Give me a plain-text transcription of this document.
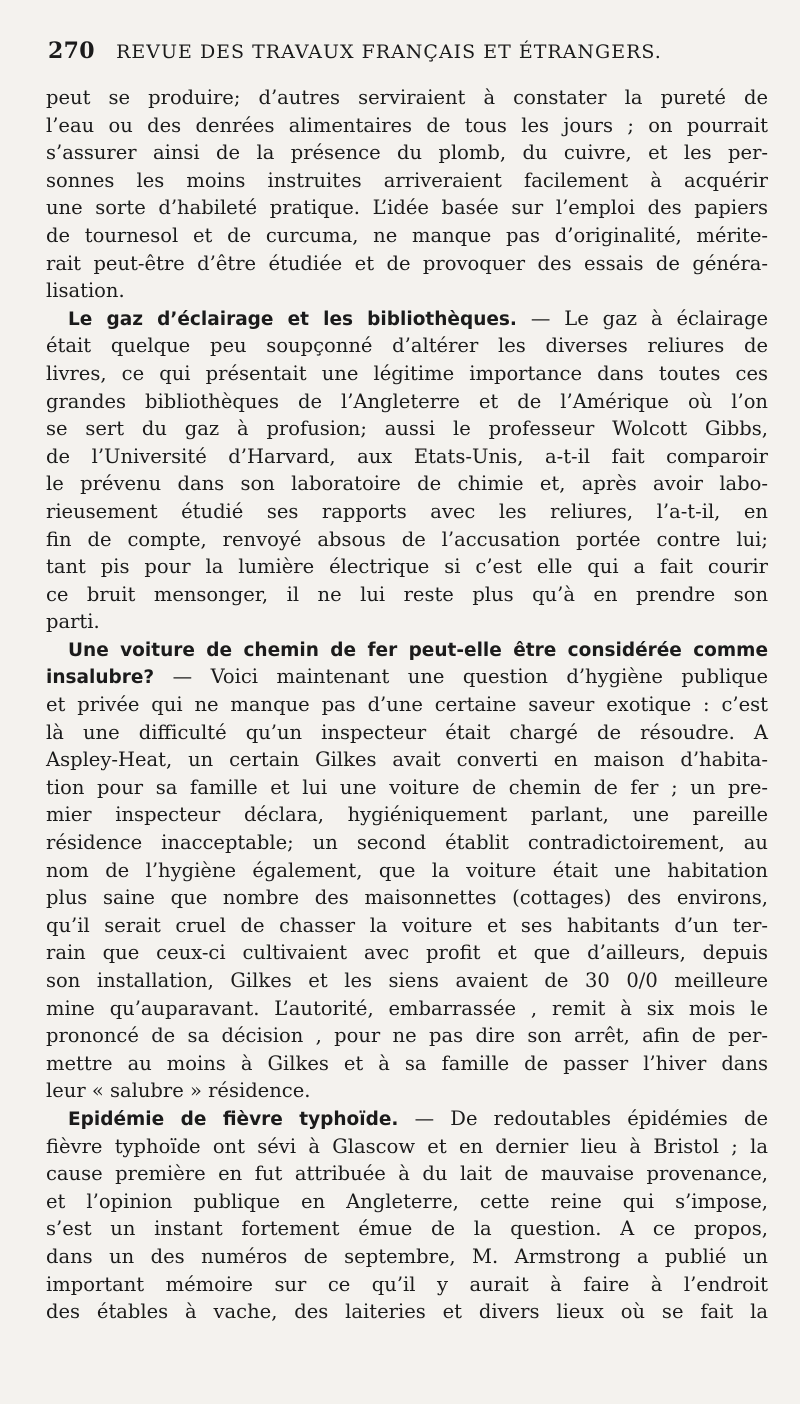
270 REVUE DES TRAVAUX FRANÇAIS ET ÉTRANGERS.
peut se produire; d’autres serviraient à constater la pureté de
l’eau ou des denrées alimentaires de tous les jours ; on pourrait
s’assurer ainsi de la présence du plomb, du cuivre, et les per-
sonnes les moins instruites arriveraient facilement à acquérir
une sorte d’habileté pratique. L’idée basée sur l’emploi des papiers
de tournesol et de curcuma, ne manque pas d’originalité, mérite-
rait peut-être d’être étudiée et de provoquer des essais de généra-
lisation.
Le gaz d’éclairage et les bibliothèques. — Le gaz à éclairage
était quelque peu soupçonné d’altérer les diverses reliures de
livres, ce qui présentait une légitime importance dans toutes ces
grandes bibliothèques de l’Angleterre et de l’Amérique où l’on
se sert du gaz à profusion; aussi le professeur Wolcott Gibbs,
de l’Université d’Harvard, aux Etats-Unis, a-t-il fait comparoir
le prévenu dans son laboratoire de chimie et, après avoir labo-
rieusement étudié ses rapports avec les reliures, l’a-t-il, en
fin de compte, renvoyé absous de l’accusation portée contre lui;
tant pis pour la lumière électrique si c’est elle qui a fait courir
ce bruit mensonger, il ne lui reste plus qu’à en prendre son
parti.
Une voiture de chemin de fer peut-elle être considérée comme
insalubre? — Voici maintenant une question d’hygiène publique
et privée qui ne manque pas d’une certaine saveur exotique : c’est
là une difficulté qu’un inspecteur était chargé de résoudre. A
Aspley-Heat, un certain Gilkes avait converti en maison d’habita-
tion pour sa famille et lui une voiture de chemin de fer ; un pre-
mier inspecteur déclara, hygiéniquement parlant, une pareille
résidence inacceptable; un second établit contradictoirement, au
nom de l’hygiène également, que la voiture était une habitation
plus saine que nombre des maisonnettes (cottages) des environs,
qu’il serait cruel de chasser la voiture et ses habitants d’un ter-
rain que ceux-ci cultivaient avec profit et que d’ailleurs, depuis
son installation, Gilkes et les siens avaient de 30 0/0 meilleure
mine qu’auparavant. L’autorité, embarrassée , remit à six mois le
prononcé de sa décision , pour ne pas dire son arrêt, afin de per-
mettre au moins à Gilkes et à sa famille de passer l’hiver dans
leur « salubre » résidence.
Epidémie de fièvre typhoïde. — De redoutables épidémies de
fièvre typhoïde ont sévi à Glascow et en dernier lieu à Bristol ; la
cause première en fut attribuée à du lait de mauvaise provenance,
et l’opinion publique en Angleterre, cette reine qui s’impose,
s’est un instant fortement émue de la question. A ce propos,
dans un des numéros de septembre, M. Armstrong a publié un
important mémoire sur ce qu’il y aurait à faire à l’endroit
des étables à vache, des laiteries et divers lieux où se fait la
